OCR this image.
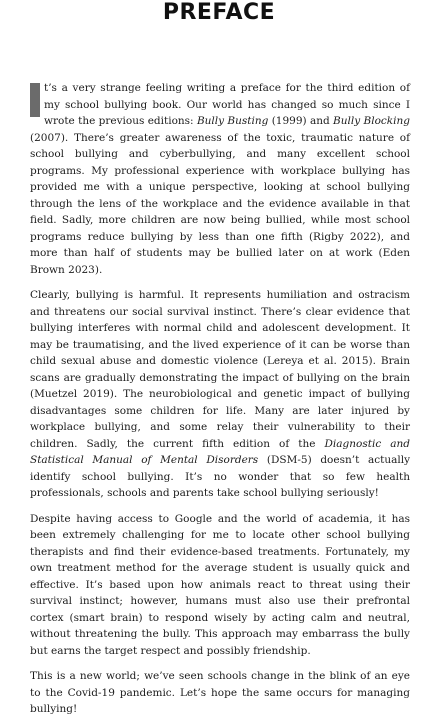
PREFACE

t’s a very strange feeling writing a preface for the third edition of my school bullying book. Our world has changed so much since I wrote the previous editions: Bully Busting (1999) and Bully Blocking (2007). There’s greater awareness of the toxic, traumatic nature of school bullying and cyberbullying, and many excellent school programs. My professional experience with workplace bullying has provided me with a unique perspective, looking at school bullying through the lens of the workplace and the evidence available in that field. Sadly, more children are now being bullied, while most school programs reduce bullying by less than one fifth (Rigby 2022), and more than half of students may be bullied later on at work (Eden Brown 2023).

Clearly, bullying is harmful. It represents humiliation and ostracism and threatens our social survival instinct. There’s clear evidence that bullying interferes with normal child and adolescent development. It may be traumatising, and the lived experience of it can be worse than child sexual abuse and domestic violence (Lereya et al. 2015). Brain scans are gradually demonstrating the impact of bullying on the brain (Muetzel 2019). The neurobiological and genetic impact of bullying disadvantages some children for life. Many are later injured by workplace bullying, and some relay their vulnerability to their children. Sadly, the current fifth edition of the Diagnostic and Statistical Manual of Mental Disorders (DSM-5) doesn’t actually identify school bullying. It’s no wonder that so few health professionals, schools and parents take school bullying seriously!

Despite having access to Google and the world of academia, it has been extremely challenging for me to locate other school bullying therapists and find their evidence-based treatments. Fortunately, my own treatment method for the average student is usually quick and effective. It’s based upon how animals react to threat using their survival instinct; however, humans must also use their prefrontal cortex (smart brain) to respond wisely by acting calm and neutral, without threatening the bully. This approach may embarrass the bully but earns the target respect and possibly friendship.

This is a new world; we’ve seen schools change in the blink of an eye to the Covid-19 pandemic. Let’s hope the same occurs for managing bullying!
